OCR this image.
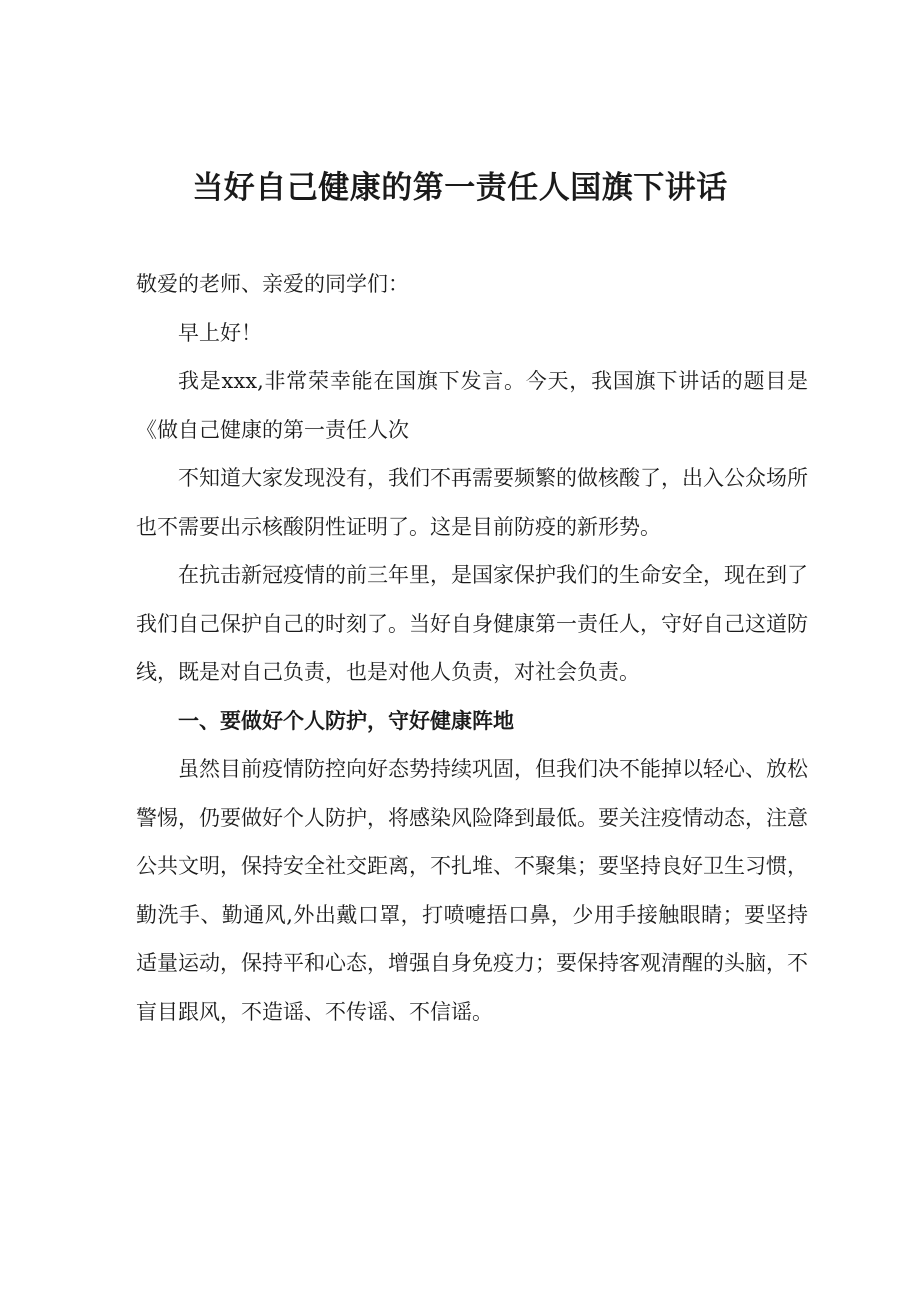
当好自己健康的第一责任人国旗下讲话

敬爱的老师、亲爱的同学们：

早上好！

我是xxx,非常荣幸能在国旗下发言。今天，我国旗下讲话的题目是《做自己健康的第一责任人次

不知道大家发现没有，我们不再需要频繁的做核酸了，出入公众场所也不需要出示核酸阴性证明了。这是目前防疫的新形势。

在抗击新冠疫情的前三年里，是国家保护我们的生命安全，现在到了我们自己保护自己的时刻了。当好自身健康第一责任人，守好自己这道防线，既是对自己负责，也是对他人负责，对社会负责。

一、要做好个人防护，守好健康阵地

虽然目前疫情防控向好态势持续巩固，但我们决不能掉以轻心、放松警惕，仍要做好个人防护，将感染风险降到最低。要关注疫情动态，注意公共文明，保持安全社交距离，不扎堆、不聚集；要坚持良好卫生习惯，勤洗手、勤通风,外出戴口罩，打喷嚏捂口鼻，少用手接触眼睛；要坚持适量运动，保持平和心态，增强自身免疫力；要保持客观清醒的头脑，不盲目跟风，不造谣、不传谣、不信谣。
